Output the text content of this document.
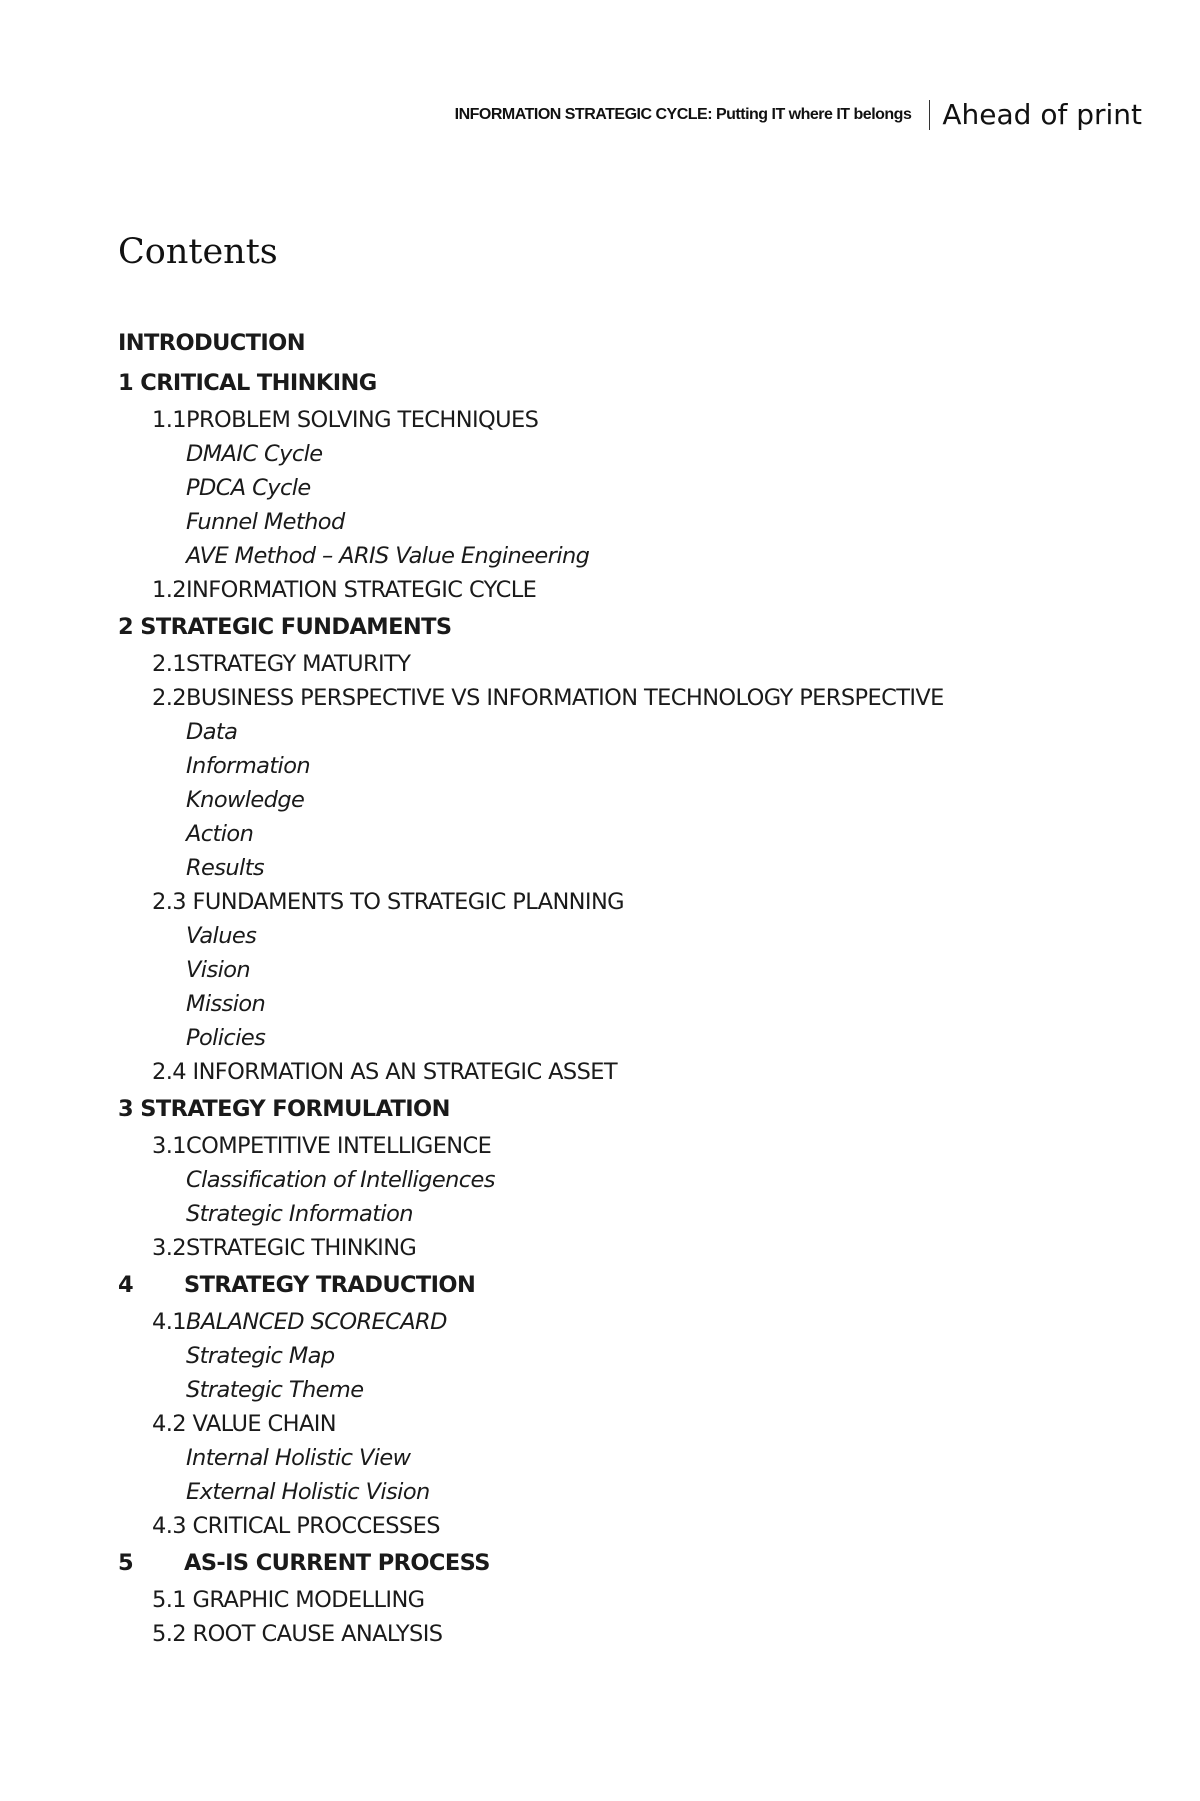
INFORMATION STRATEGIC CYCLE: Putting IT where IT belongs Ahead of print
Contents
INTRODUCTION
1 CRITICAL THINKING
1.1PROBLEM SOLVING TECHNIQUES
DMAIC Cycle
PDCA Cycle
Funnel Method
AVE Method – ARIS Value Engineering
1.2INFORMATION STRATEGIC CYCLE
2 STRATEGIC FUNDAMENTS
2.1STRATEGY MATURITY
2.2BUSINESS PERSPECTIVE VS INFORMATION TECHNOLOGY PERSPECTIVE
Data
Information
Knowledge
Action
Results
2.3 FUNDAMENTS TO STRATEGIC PLANNING
Values
Vision
Mission
Policies
2.4 INFORMATION AS AN STRATEGIC ASSET
3 STRATEGY FORMULATION
3.1COMPETITIVE INTELLIGENCE
Classification of Intelligences
Strategic Information
3.2STRATEGIC THINKING
4 STRATEGY TRADUCTION
4.1BALANCED SCORECARD
Strategic Map
Strategic Theme
4.2 VALUE CHAIN
Internal Holistic View
External Holistic Vision
4.3 CRITICAL PROCCESSES
5 AS-IS CURRENT PROCESS
5.1 GRAPHIC MODELLING
5.2 ROOT CAUSE ANALYSIS
